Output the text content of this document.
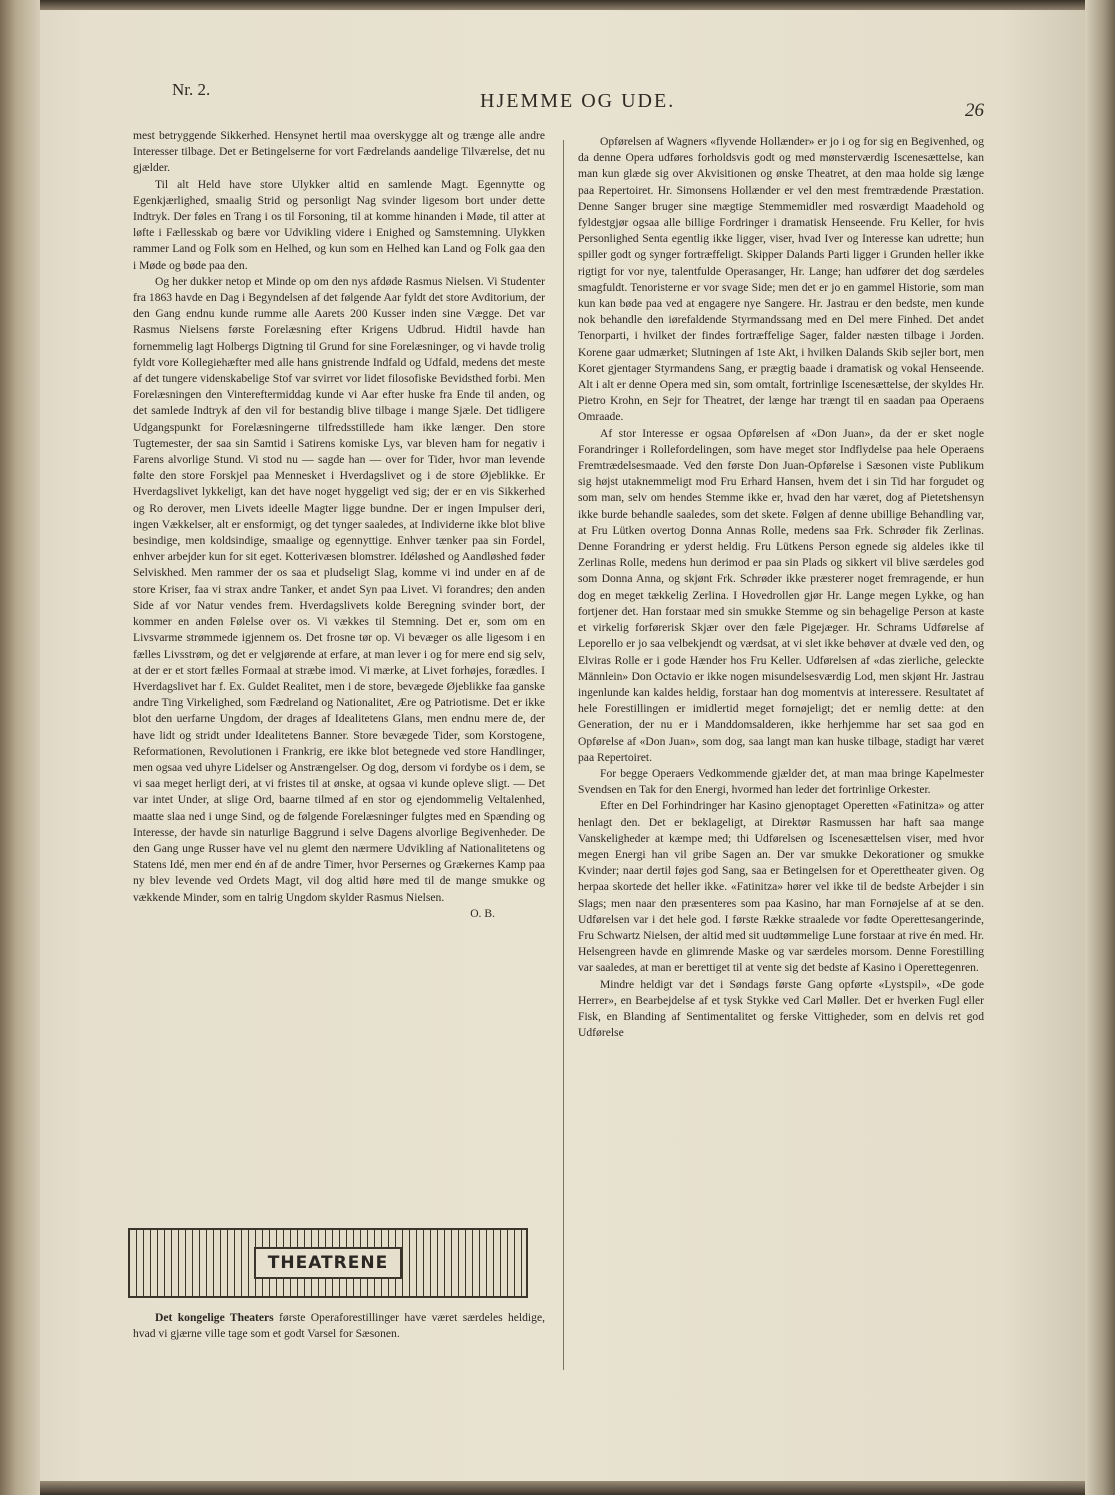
Nr. 2.
HJEMME OG UDE.	26

mest betryggende Sikkerhed. Hensynet hertil maa overskygge alt og trænge alle andre Interesser tilbage. Det er Betingelserne for vort Fædrelands aandelige Tilværelse, det nu gjælder.

Til alt Held have store Ulykker altid en samlende Magt. Egennytte og Egenkjærlighed, smaalig Strid og personligt Nag svinder ligesom bort under dette Indtryk. Der føles en Trang i os til Forsoning, til at komme hinanden i Møde, til atter at løfte i Fællesskab og bære vor Udvikling videre i Enighed og Samstemning. Ulykken rammer Land og Folk som en Helhed, og kun som en Helhed kan Land og Folk gaa den i Møde og bøde paa den.

Og her dukker netop et Minde op om den nys afdøde Rasmus Nielsen. Vi Studenter fra 1863 havde en Dag i Begyndelsen af det følgende Aar fyldt det store Avditorium, der den Gang endnu kunde rumme alle Aarets 200 Kusser inden sine Vægge. Det var Rasmus Nielsens første Forelæsning efter Krigens Udbrud. Hidtil havde han fornemmelig lagt Holbergs Digtning til Grund for sine Forelæsninger, og vi havde trolig fyldt vore Kollegiehæfter med alle hans gnistrende Indfald og Udfald, medens det meste af det tungere videnskabelige Stof var svirret vor lidet filosofiske Bevidsthed forbi. Men Forelæsningen den Vintereftermiddag kunde vi Aar efter huske fra Ende til anden, og det samlede Indtryk af den vil for bestandig blive tilbage i mange Sjæle. Det tidligere Udgangspunkt for Forelæsningerne tilfredsstillede ham ikke længer. Den store Tugtemester, der saa sin Samtid i Satirens komiske Lys, var bleven ham for negativ i Farens alvorlige Stund. Vi stod nu — sagde han — over for Tider, hvor man levende følte den store Forskjel paa Mennesket i Hverdagslivet og i de store Øjeblikke. Er Hverdagslivet lykkeligt, kan det have noget hyggeligt ved sig; der er en vis Sikkerhed og Ro derover, men Livets ideelle Magter ligge bundne. Der er ingen Impulser deri, ingen Vækkelser, alt er ensformigt, og det tynger saaledes, at Individerne ikke blot blive besindige, men koldsindige, smaalige og egennyttige. Enhver tænker paa sin Fordel, enhver arbejder kun for sit eget. Kotterivæsen blomstrer. Idéløshed og Aandløshed føder Selviskhed. Men rammer der os saa et pludseligt Slag, komme vi ind under en af de store Kriser, faa vi strax andre Tanker, et andet Syn paa Livet. Vi forandres; den anden Side af vor Natur vendes frem. Hverdagslivets kolde Beregning svinder bort, der kommer en anden Følelse over os. Vi vækkes til Stemning. Det er, som om en Livsvarme strømmede igjennem os. Det frosne tør op. Vi bevæger os alle ligesom i en fælles Livsstrøm, og det er velgjørende at erfare, at man lever i og for mere end sig selv, at der er et stort fælles Formaal at stræbe imod. Vi mærke, at Livet forhøjes, forædles. I Hverdagslivet har f. Ex. Guldet Realitet, men i de store, bevægede Øjeblikke faa ganske andre Ting Virkelighed, som Fædreland og Nationalitet, Ære og Patriotisme. Det er ikke blot den uerfarne Ungdom, der drages af Idealitetens Glans, men endnu mere de, der have lidt og stridt under Idealitetens Banner. Store bevægede Tider, som Korstogene, Reformationen, Revolutionen i Frankrig, ere ikke blot betegnede ved store Handlinger, men ogsaa ved uhyre Lidelser og Anstrængelser. Og dog, dersom vi fordybe os i dem, se vi saa meget herligt deri, at vi fristes til at ønske, at ogsaa vi kunde opleve sligt. — Det var intet Under, at slige Ord, baarne tilmed af en stor og ejendommelig Veltalenhed, maatte slaa ned i unge Sind, og de følgende Forelæsninger fulgtes med en Spænding og Interesse, der havde sin naturlige Baggrund i selve Dagens alvorlige Begivenheder. De den Gang unge Russer have vel nu glemt den nærmere Udvikling af Nationalitetens og Statens Idé, men mer end én af de andre Timer, hvor Persernes og Grækernes Kamp paa ny blev levende ved Ordets Magt, vil dog altid høre med til de mange smukke og vækkende Minder, som en talrig Ungdom skylder Rasmus Nielsen.

O. B.
THEATRENE

Det kongelige Theaters første Operaforestillinger have været særdeles heldige, hvad vi gjærne ville tage som et godt Varsel for Sæsonen.

Opførelsen af Wagners «flyvende Hollænder» er jo i og for sig en Begivenhed, og da denne Opera udføres forholdsvis godt og med mønsterværdig Iscenesættelse, kan man kun glæde sig over Akvisitionen og ønske Theatret, at den maa holde sig længe paa Repertoiret. Hr. Simonsens Hollænder er vel den mest fremtrædende Præstation. Denne Sanger bruger sine mægtige Stemmemidler med rosværdigt Maadehold og fyldestgjør ogsaa alle billige Fordringer i dramatisk Henseende. Fru Keller, for hvis Personlighed Senta egentlig ikke ligger, viser, hvad Iver og Interesse kan udrette; hun spiller godt og synger fortræffeligt. Skipper Dalands Parti ligger i Grunden heller ikke rigtigt for vor nye, talentfulde Operasanger, Hr. Lange; han udfører det dog særdeles smagfuldt. Tenoristerne er vor svage Side; men det er jo en gammel Historie, som man kun kan bøde paa ved at engagere nye Sangere. Hr. Jastrau er den bedste, men kunde nok behandle den iørefaldende Styrmandssang med en Del mere Finhed. Det andet Tenorparti, i hvilket der findes fortræffelige Sager, falder næsten tilbage i Jorden. Korene gaar udmærket; Slutningen af 1ste Akt, i hvilken Dalands Skib sejler bort, men Koret gjentager Styrmandens Sang, er prægtig baade i dramatisk og vokal Henseende. Alt i alt er denne Opera med sin, som omtalt, fortrinlige Iscenesættelse, der skyldes Hr. Pietro Krohn, en Sejr for Theatret, der længe har trængt til en saadan paa Operaens Omraade.

Af stor Interesse er ogsaa Opførelsen af «Don Juan», da der er sket nogle Forandringer i Rollefordelingen, som have meget stor Indflydelse paa hele Operaens Fremtrædelsesmaade. Ved den første Don Juan-Opførelse i Sæsonen viste Publikum sig højst utaknemmeligt mod Fru Erhard Hansen, hvem det i sin Tid har forgudet og som man, selv om hendes Stemme ikke er, hvad den har været, dog af Pietetshensyn ikke burde behandle saaledes, som det skete. Følgen af denne ubillige Behandling var, at Fru Lütken overtog Donna Annas Rolle, medens saa Frk. Schrøder fik Zerlinas. Denne Forandring er yderst heldig. Fru Lütkens Person egnede sig aldeles ikke til Zerlinas Rolle, medens hun derimod er paa sin Plads og sikkert vil blive særdeles god som Donna Anna, og skjønt Frk. Schrøder ikke præsterer noget fremragende, er hun dog en meget tækkelig Zerlina. I Hovedrollen gjør Hr. Lange megen Lykke, og han fortjener det. Han forstaar med sin smukke Stemme og sin behagelige Person at kaste et virkelig forførerisk Skjær over den fæle Pigejæger. Hr. Schrams Udførelse af Leporello er jo saa velbekjendt og værdsat, at vi slet ikke behøver at dvæle ved den, og Elviras Rolle er i gode Hænder hos Fru Keller. Udførelsen af «das zierliche, geleckte Männlein» Don Octavio er ikke nogen misundelsesværdig Lod, men skjønt Hr. Jastrau ingenlunde kan kaldes heldig, forstaar han dog momentvis at interessere. Resultatet af hele Forestillingen er imidlertid meget fornøjeligt; det er nemlig dette: at den Generation, der nu er i Manddomsalderen, ikke herhjemme har set saa god en Opførelse af «Don Juan», som dog, saa langt man kan huske tilbage, stadigt har været paa Repertoiret.

For begge Operaers Vedkommende gjælder det, at man maa bringe Kapelmester Svendsen en Tak for den Energi, hvormed han leder det fortrinlige Orkester.

Efter en Del Forhindringer har Kasino gjenoptaget Operetten «Fatinitza» og atter henlagt den. Det er beklageligt, at Direktør Rasmussen har haft saa mange Vanskeligheder at kæmpe med; thi Udførelsen og Iscenesættelsen viser, med hvor megen Energi han vil gribe Sagen an. Der var smukke Dekorationer og smukke Kvinder; naar dertil føjes god Sang, saa er Betingelsen for et Operettheater given. Og herpaa skortede det heller ikke. «Fatinitza» hører vel ikke til de bedste Arbejder i sin Slags; men naar den præsenteres som paa Kasino, har man Fornøjelse af at se den. Udførelsen var i det hele god. I første Række straalede vor fødte Operettesangerinde, Fru Schwartz Nielsen, der altid med sit uudtømmelige Lune forstaar at rive én med. Hr. Helsengreen havde en glimrende Maske og var særdeles morsom. Denne Forestilling var saaledes, at man er berettiget til at vente sig det bedste af Kasino i Operettegenren.

Mindre heldigt var det i Søndags første Gang opførte «Lystspil», «De gode Herrer», en Bearbejdelse af et tysk Stykke ved Carl Møller. Det er hverken Fugl eller Fisk, en Blanding af Sentimentalitet og ferske Vittigheder, som en delvis ret god Udførelse
